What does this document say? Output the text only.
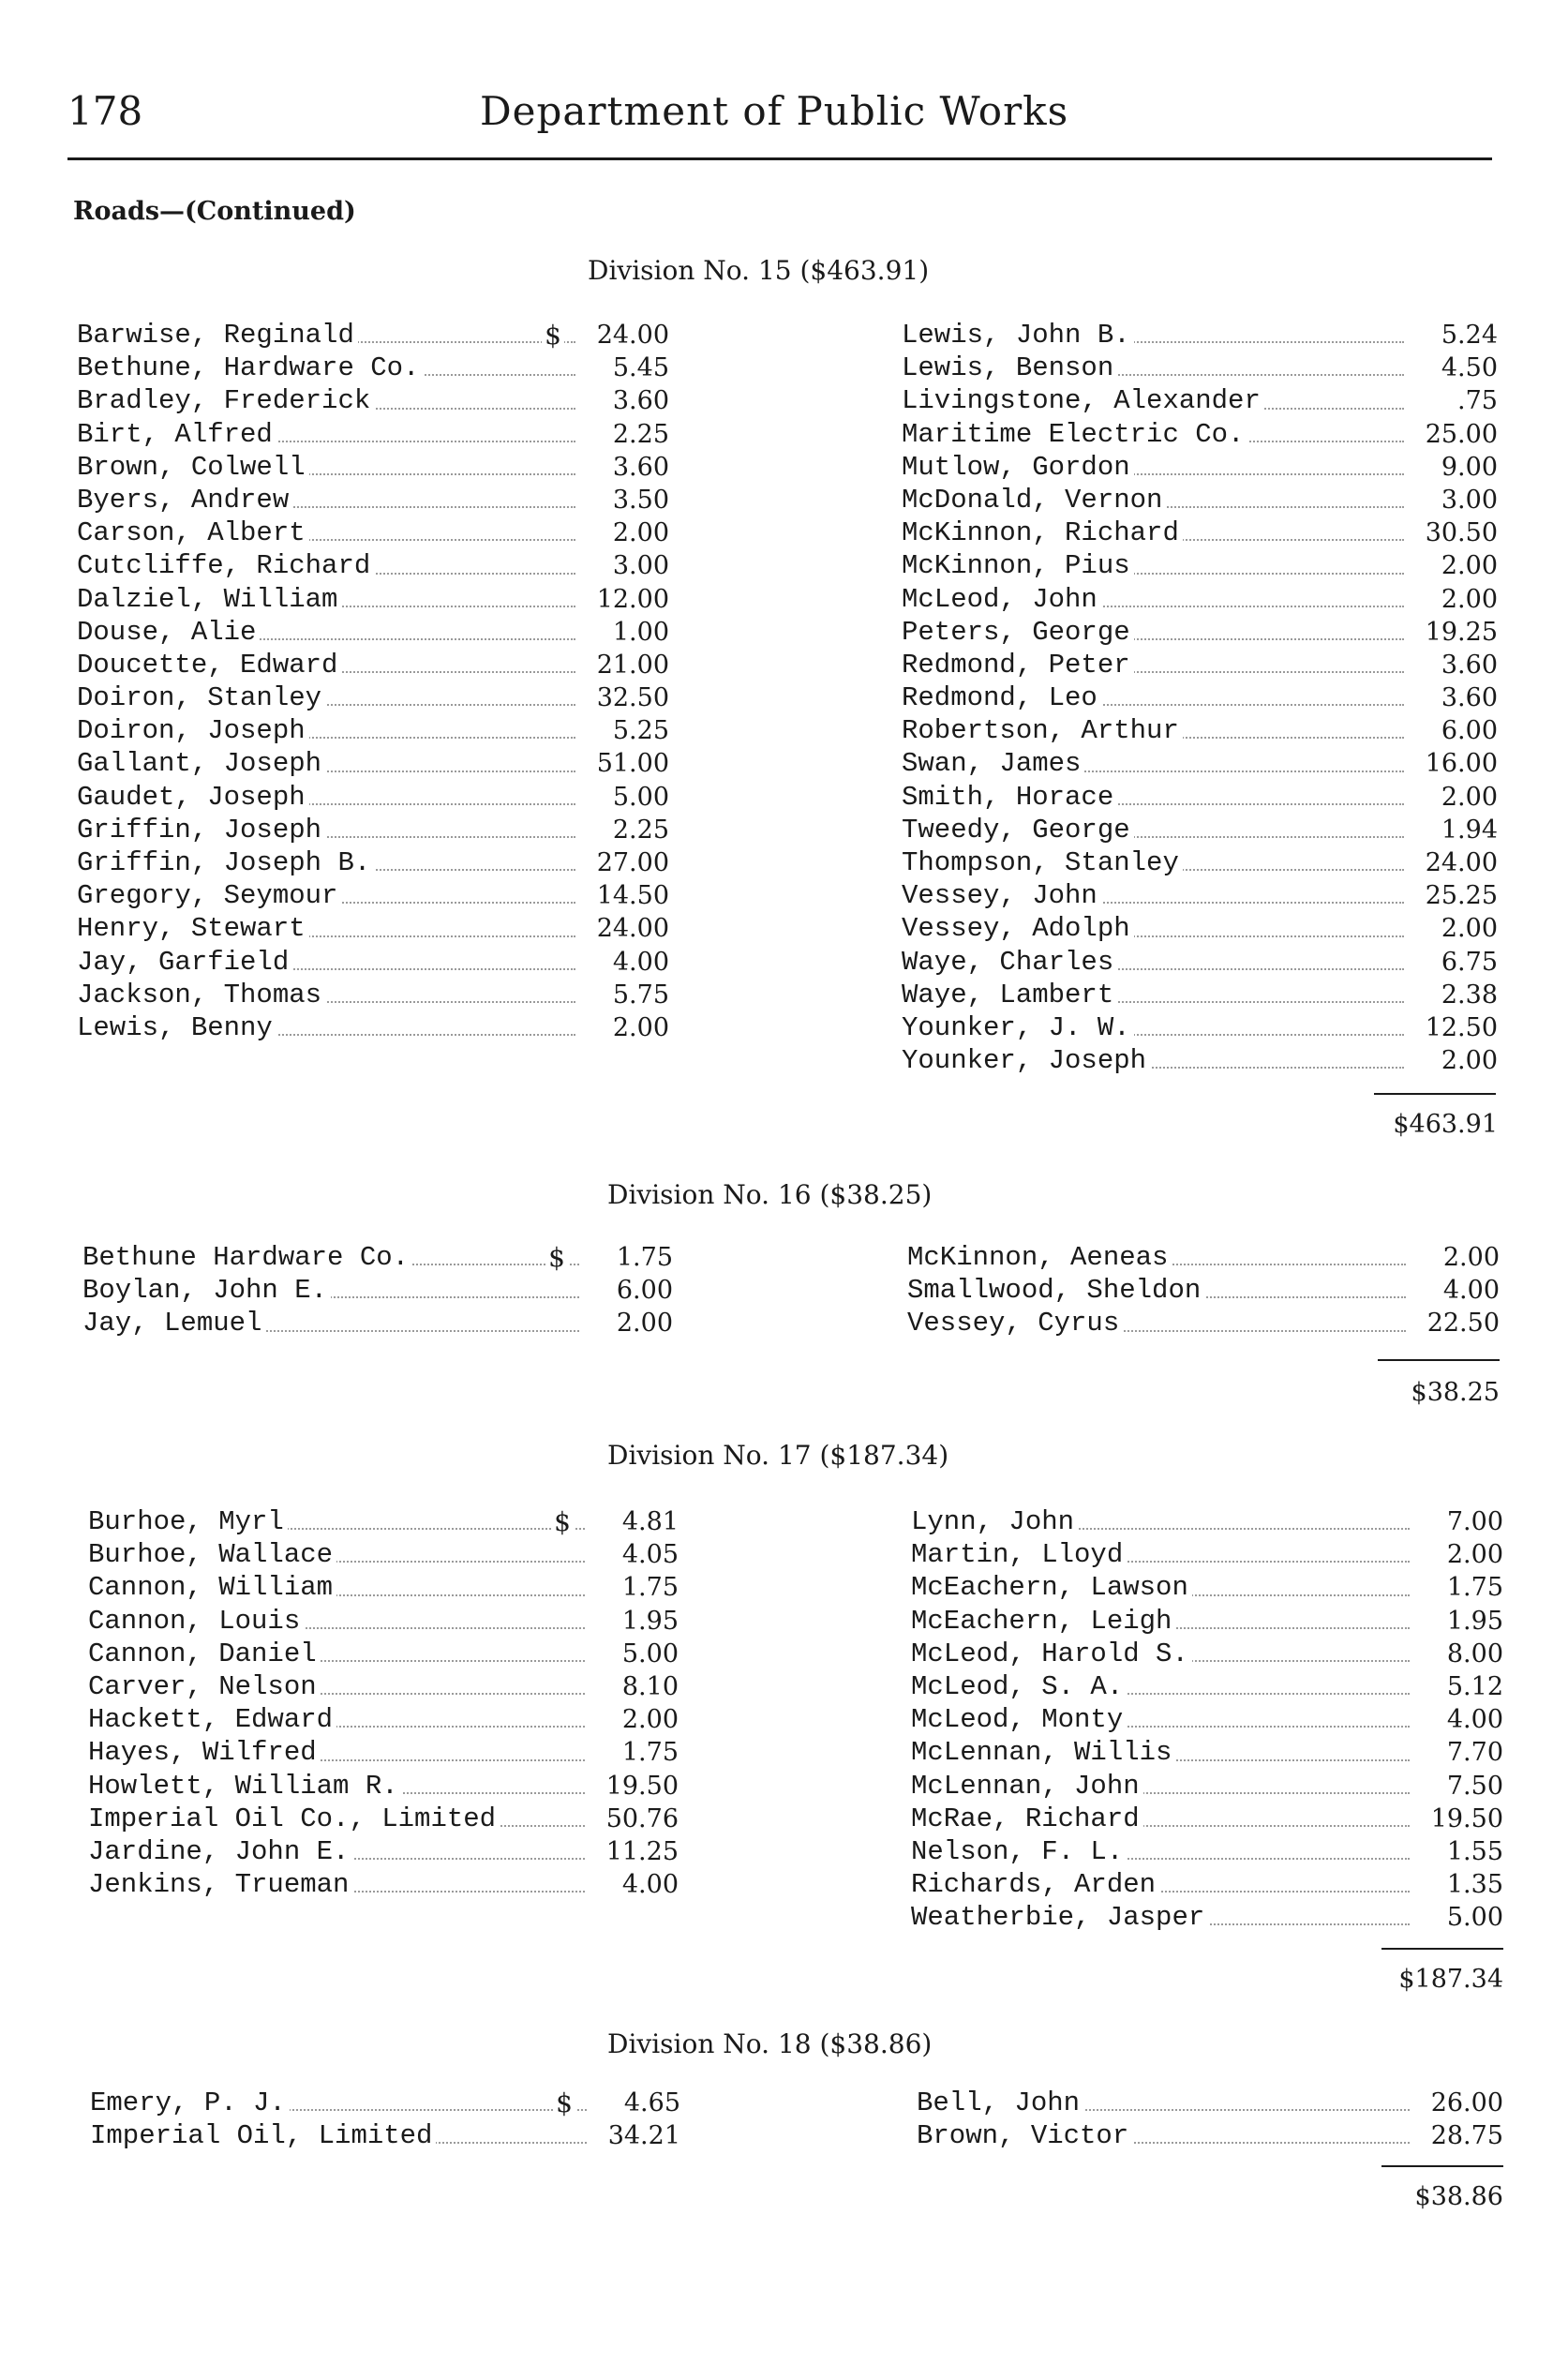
178	Department of Public Works
Roads—(Continued)
Division No. 15 ($463.91)
Barwise, Reginald	$	24.00
Bethune, Hardware Co.	5.45
Bradley, Frederick	3.60
Birt, Alfred	2.25
Brown, Colwell	3.60
Byers, Andrew	3.50
Carson, Albert	2.00
Cutcliffe, Richard	3.00
Dalziel, William	12.00
Douse, Alie	1.00
Doucette, Edward	21.00
Doiron, Stanley	32.50
Doiron, Joseph	5.25
Gallant, Joseph	51.00
Gaudet, Joseph	5.00
Griffin, Joseph	2.25
Griffin, Joseph B.	27.00
Gregory, Seymour	14.50
Henry, Stewart	24.00
Jay, Garfield	4.00
Jackson, Thomas	5.75
Lewis, Benny	2.00
Lewis, John B.	5.24
Lewis, Benson	4.50
Livingstone, Alexander	.75
Maritime Electric Co.	25.00
Mutlow, Gordon	9.00
McDonald, Vernon	3.00
McKinnon, Richard	30.50
McKinnon, Pius	2.00
McLeod, John	2.00
Peters, George	19.25
Redmond, Peter	3.60
Redmond, Leo	3.60
Robertson, Arthur	6.00
Swan, James	16.00
Smith, Horace	2.00
Tweedy, George	1.94
Thompson, Stanley	24.00
Vessey, John	25.25
Vessey, Adolph	2.00
Waye, Charles	6.75
Waye, Lambert	2.38
Younker, J. W.	12.50
Younker, Joseph	2.00
$463.91
Division No. 16 ($38.25)
Bethune Hardware Co.	$	1.75
Boylan, John E.	6.00
Jay, Lemuel	2.00
McKinnon, Aeneas	2.00
Smallwood, Sheldon	4.00
Vessey, Cyrus	22.50
$38.25
Division No. 17 ($187.34)
Burhoe, Myrl	$	4.81
Burhoe, Wallace	4.05
Cannon, William	1.75
Cannon, Louis	1.95
Cannon, Daniel	5.00
Carver, Nelson	8.10
Hackett, Edward	2.00
Hayes, Wilfred	1.75
Howlett, William R.	19.50
Imperial Oil Co., Limited	50.76
Jardine, John E.	11.25
Jenkins, Trueman	4.00
Lynn, John	7.00
Martin, Lloyd	2.00
McEachern, Lawson	1.75
McEachern, Leigh	1.95
McLeod, Harold S.	8.00
McLeod, S. A.	5.12
McLeod, Monty	4.00
McLennan, Willis	7.70
McLennan, John	7.50
McRae, Richard	19.50
Nelson, F. L.	1.55
Richards, Arden	1.35
Weatherbie, Jasper	5.00
$187.34
Division No. 18 ($38.86)
Emery, P. J.	$	4.65
Imperial Oil, Limited	34.21
Bell, John	26.00
Brown, Victor	28.75
$38.86
